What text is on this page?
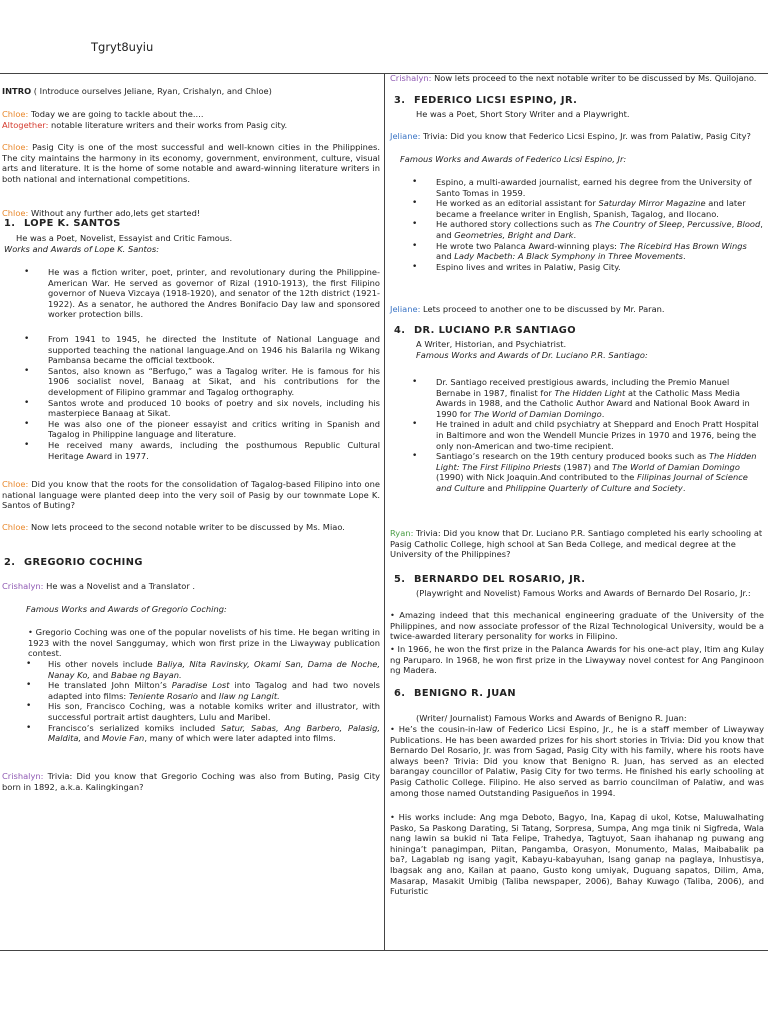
Tgryt8uyiu
INTRO ( Introduce ourselves Jeliane, Ryan, Crishalyn, and Chloe)
Chloe: Today we are going to tackle about the....
Altogether: notable literature writers and their works from Pasig city.
Chloe: Pasig City is one of the most successful and well-known cities in the Philippines. The city maintains the harmony in its economy, government, environment, culture, visual arts and literature. It is the home of some notable and award-winning literature writers in both national and international competitions.
Chloe: Without any further ado,lets get started!
1. LOPE K. SANTOS
He was a Poet, Novelist, Essayist and Critic Famous.
Works and Awards of Lope K. Santos:
• He was a fiction writer, poet, printer, and revolutionary during the Philippine-American War. He served as governor of Rizal (1910-1913), the first Filipino governor of Nueva Vizcaya (1918-1920), and senator of the 12th district (1921-1922). As a senator, he authored the Andres Bonifacio Day law and sponsored worker protection bills.
• From 1941 to 1945, he directed the Institute of National Language and supported teaching the national language.And on 1946 his Balarila ng Wikang Pambansa became the official textbook.
• Santos, also known as “Berfugo,” was a Tagalog writer. He is famous for his 1906 socialist novel, Banaag at Sikat, and his contributions for the development of Filipino grammar and Tagalog orthography.
• Santos wrote and produced 10 books of poetry and six novels, including his masterpiece Banaag at Sikat.
• He was also one of the pioneer essayist and critics writing in Spanish and Tagalog in Philippine language and literature.
• He received many awards, including the posthumous Republic Cultural Heritage Award in 1977.
Chloe: Did you know that the roots for the consolidation of Tagalog-based Filipino into one national language were planted deep into the very soil of Pasig by our townmate Lope K. Santos of Buting?
Chloe: Now lets proceed to the second notable writer to be discussed by Ms. Miao.
2. GREGORIO COCHING
Crishalyn: He was a Novelist and a Translator .
Famous Works and Awards of Gregorio Coching:
• Gregorio Coching was one of the popular novelists of his time. He began writing in 1923 with the novel Sanggumay, which won first prize in the Liwayway publication contest.
• His other novels include Baliya, Nita Ravinsky, Okami San, Dama de Noche, Nanay Ko, and Babae ng Bayan.
• He translated John Milton’s Paradise Lost into Tagalog and had two novels adapted into films: Teniente Rosario and Ilaw ng Langit.
• His son, Francisco Coching, was a notable komiks writer and illustrator, with successful portrait artist daughters, Lulu and Maribel.
• Francisco’s serialized komiks included Satur, Sabas, Ang Barbero, Palasig, Maldita, and Movie Fan, many of which were later adapted into films.
Crishalyn: Trivia: Did you know that Gregorio Coching was also from Buting, Pasig City born in 1892, a.k.a. Kalingkingan?
Crishalyn: Now lets proceed to the next notable writer to be discussed by Ms. Quilojano.
3. FEDERICO LICSI ESPINO, JR.
He was a Poet, Short Story Writer and a Playwright.
Jeliane: Trivia: Did you know that Federico Licsi Espino, Jr. was from Palatiw, Pasig City?
Famous Works and Awards of Federico Licsi Espino, Jr:
• Espino, a multi-awarded journalist, earned his degree from the University of Santo Tomas in 1959.
• He worked as an editorial assistant for Saturday Mirror Magazine and later became a freelance writer in English, Spanish, Tagalog, and Ilocano.
• He authored story collections such as The Country of Sleep, Percussive, Blood, and Geometries, Bright and Dark.
• He wrote two Palanca Award-winning plays: The Ricebird Has Brown Wings and Lady Macbeth: A Black Symphony in Three Movements.
• Espino lives and writes in Palatiw, Pasig City.
Jeliane: Lets proceed to another one to be discussed by Mr. Paran.
4. DR. LUCIANO P.R SANTIAGO
A Writer, Historian, and Psychiatrist.
Famous Works and Awards of Dr. Luciano P.R. Santiago:
• Dr. Santiago received prestigious awards, including the Premio Manuel Bernabe in 1987, finalist for The Hidden Light at the Catholic Mass Media Awards in 1988, and the Catholic Author Award and National Book Award in 1990 for The World of Damian Domingo.
• He trained in adult and child psychiatry at Sheppard and Enoch Pratt Hospital in Baltimore and won the Wendell Muncie Prizes in 1970 and 1976, being the only non-American and two-time recipient.
• Santiago’s research on the 19th century produced books such as The Hidden Light: The First Filipino Priests (1987) and The World of Damian Domingo (1990) with Nick Joaquin.And contributed to the Filipinas Journal of Science and Culture and Philippine Quarterly of Culture and Society.
Ryan: Trivia: Did you know that Dr. Luciano P.R. Santiago completed his early schooling at Pasig Catholic College, high school at San Beda College, and medical degree at the University of the Philippines?
5. BERNARDO DEL ROSARIO, JR.
(Playwright and Novelist) Famous Works and Awards of Bernardo Del Rosario, Jr.:
• Amazing indeed that this mechanical engineering graduate of the University of the Philippines, and now associate professor of the Rizal Technological University, would be a twice-awarded literary personality for works in Filipino.
• In 1966, he won the first prize in the Palanca Awards for his one-act play, Itim ang Kulay ng Paruparo. In 1968, he won first prize in the Liwayway novel contest for Ang Panginoon ng Madera.
6. BENIGNO R. JUAN
(Writer/ Journalist) Famous Works and Awards of Benigno R. Juan:
• He’s the cousin-in-law of Federico Licsi Espino, Jr., he is a staff member of Liwayway Publications. He has been awarded prizes for his short stories in Trivia: Did you know that Bernardo Del Rosario, Jr. was from Sagad, Pasig City with his family, where his roots have always been? Trivia: Did you know that Benigno R. Juan, has served as an elected barangay councillor of Palatiw, Pasig City for two terms. He finished his early schooling at Pasig Catholic College. Filipino. He also served as barrio councilman of Palatiw, and was among those named Outstanding Pasigueños in 1994.
• His works include: Ang mga Deboto, Bagyo, Ina, Kapag di ukol, Kotse, Maluwalhating Pasko, Sa Paskong Darating, Si Tatang, Sorpresa, Sumpa, Ang mga tinik ni Sigfreda, Wala nang lawin sa bukid ni Tata Felipe, Trahedya, Tagtuyot, Saan ihahanap ng puwang ang hininga’t panagimpan, Piitan, Pangamba, Orasyon, Monumento, Malas, Maibabalik pa ba?, Lagablab ng isang yagit, Kabayu-kabayuhan, Isang ganap na paglaya, Inhustisya, Ibagsak ang ano, Kailan at paano, Gusto kong umiyak, Duguang sapatos, Dilim, Ama, Masarap, Masakit Umibig (Taliba newspaper, 2006), Bahay Kuwago (Taliba, 2006), and Futuristic
